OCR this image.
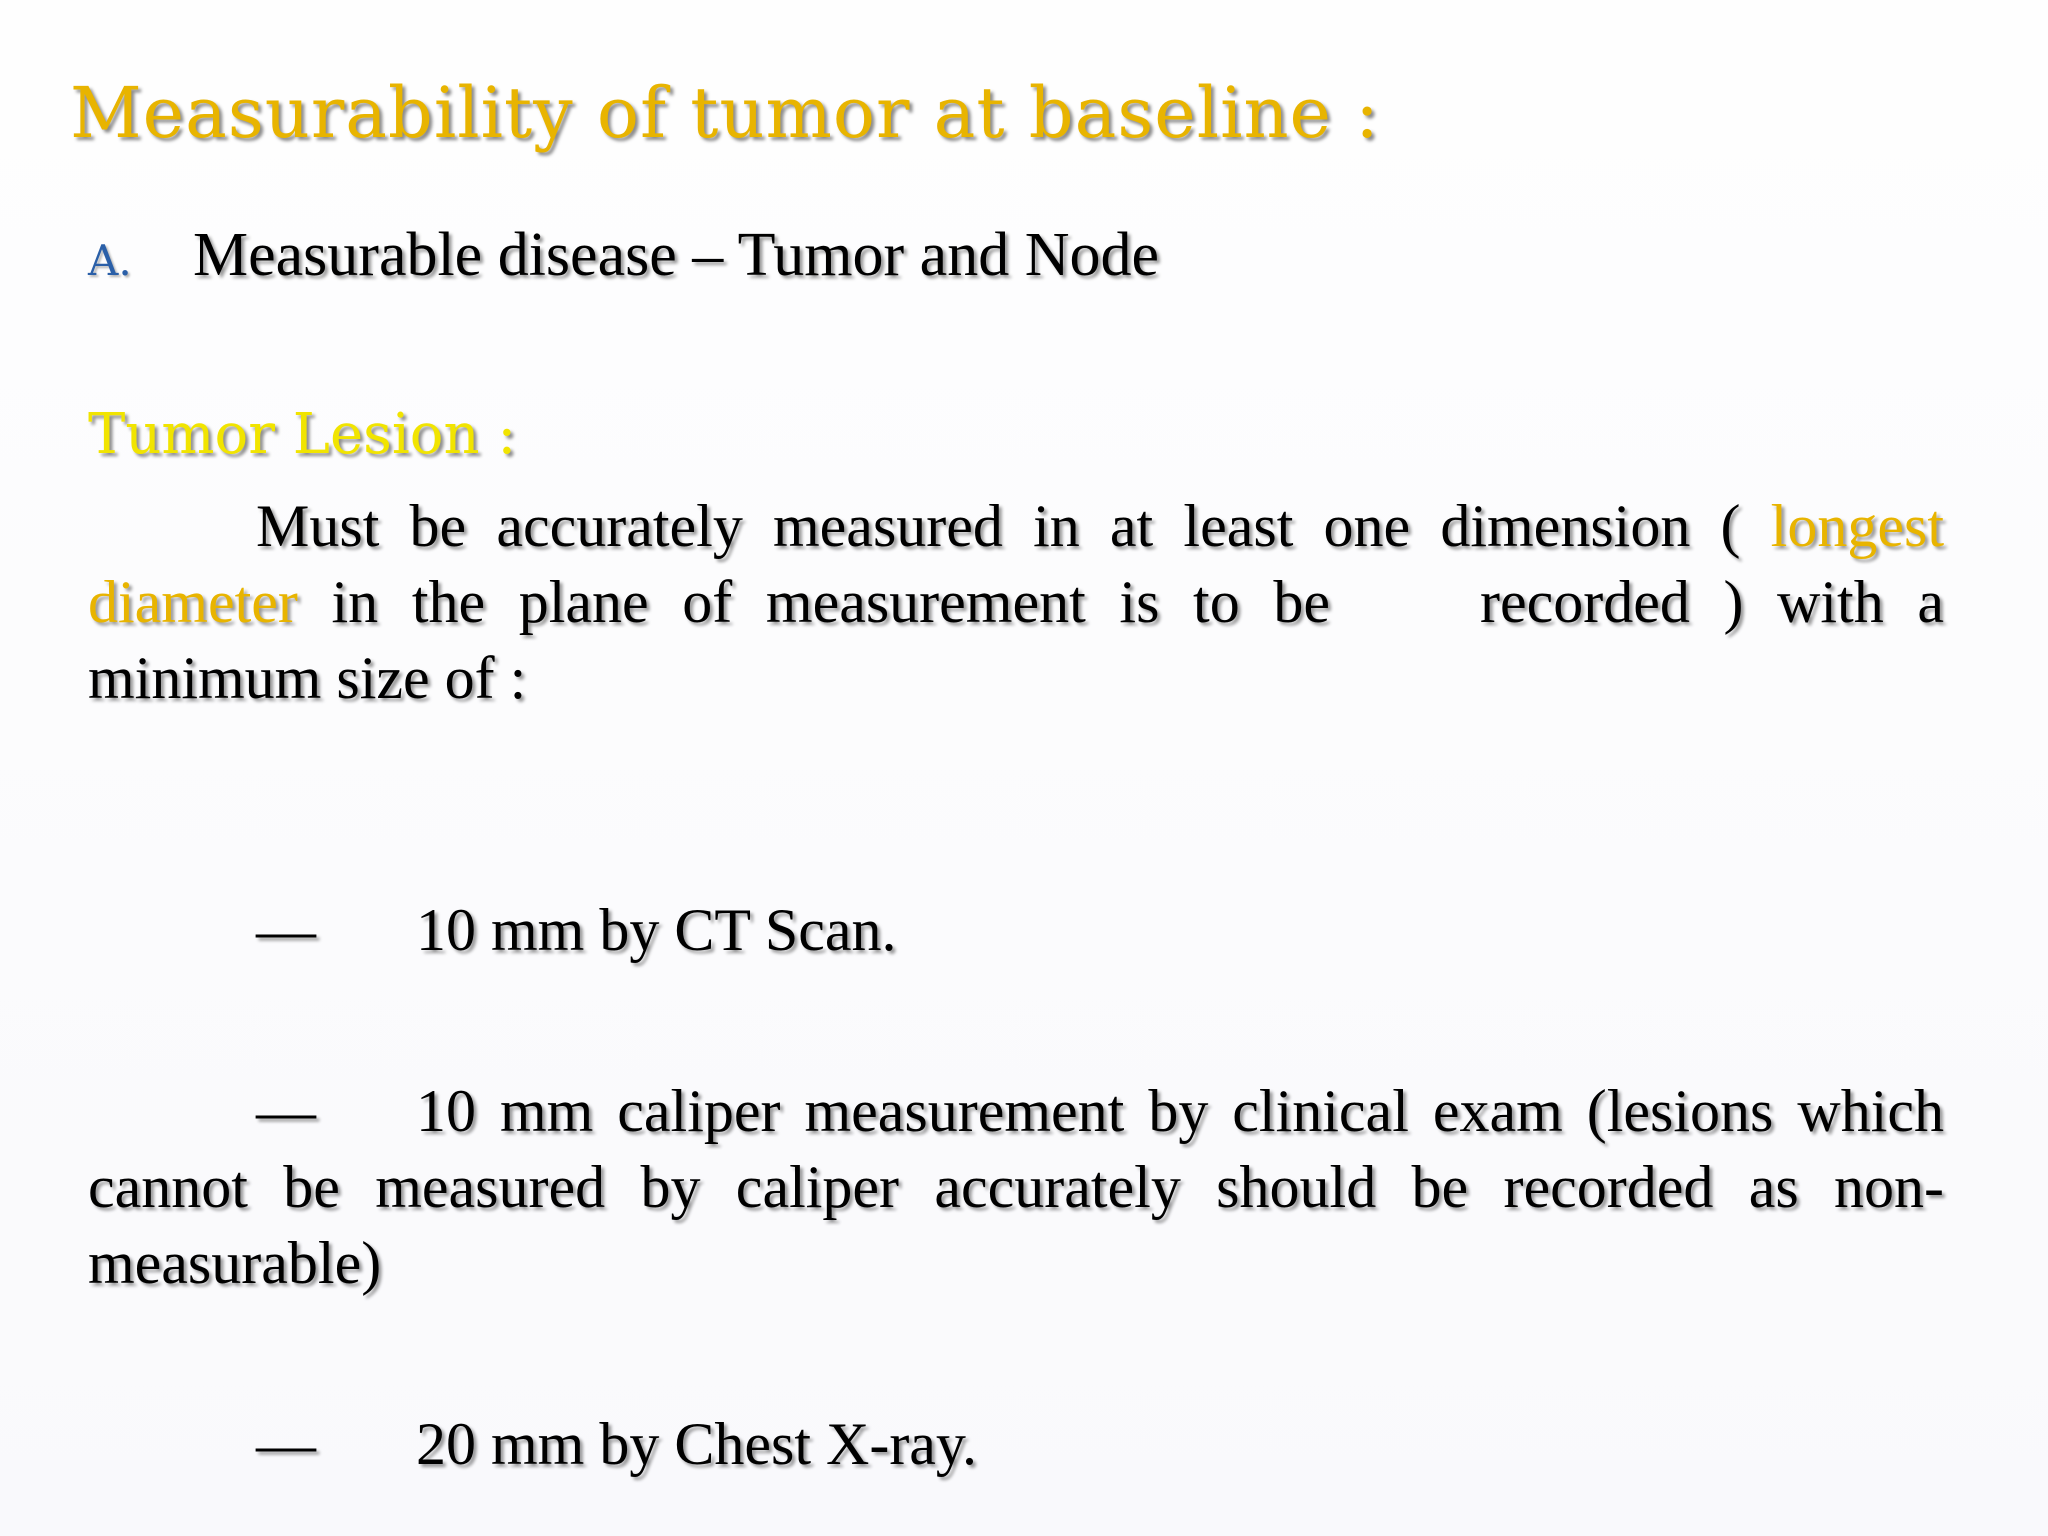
Measurability of tumor at baseline :
A. Measurable disease – Tumor and Node
Tumor Lesion :
Must be accurately measured in at least one dimension ( longest diameter in the plane of measurement is to be	recorded ) with a minimum size of :
— 10 mm by CT Scan.
— 10 mm caliper measurement by clinical exam (lesions which cannot be measured by caliper accurately should be recorded as non-measurable)
— 20 mm by Chest X-ray.
